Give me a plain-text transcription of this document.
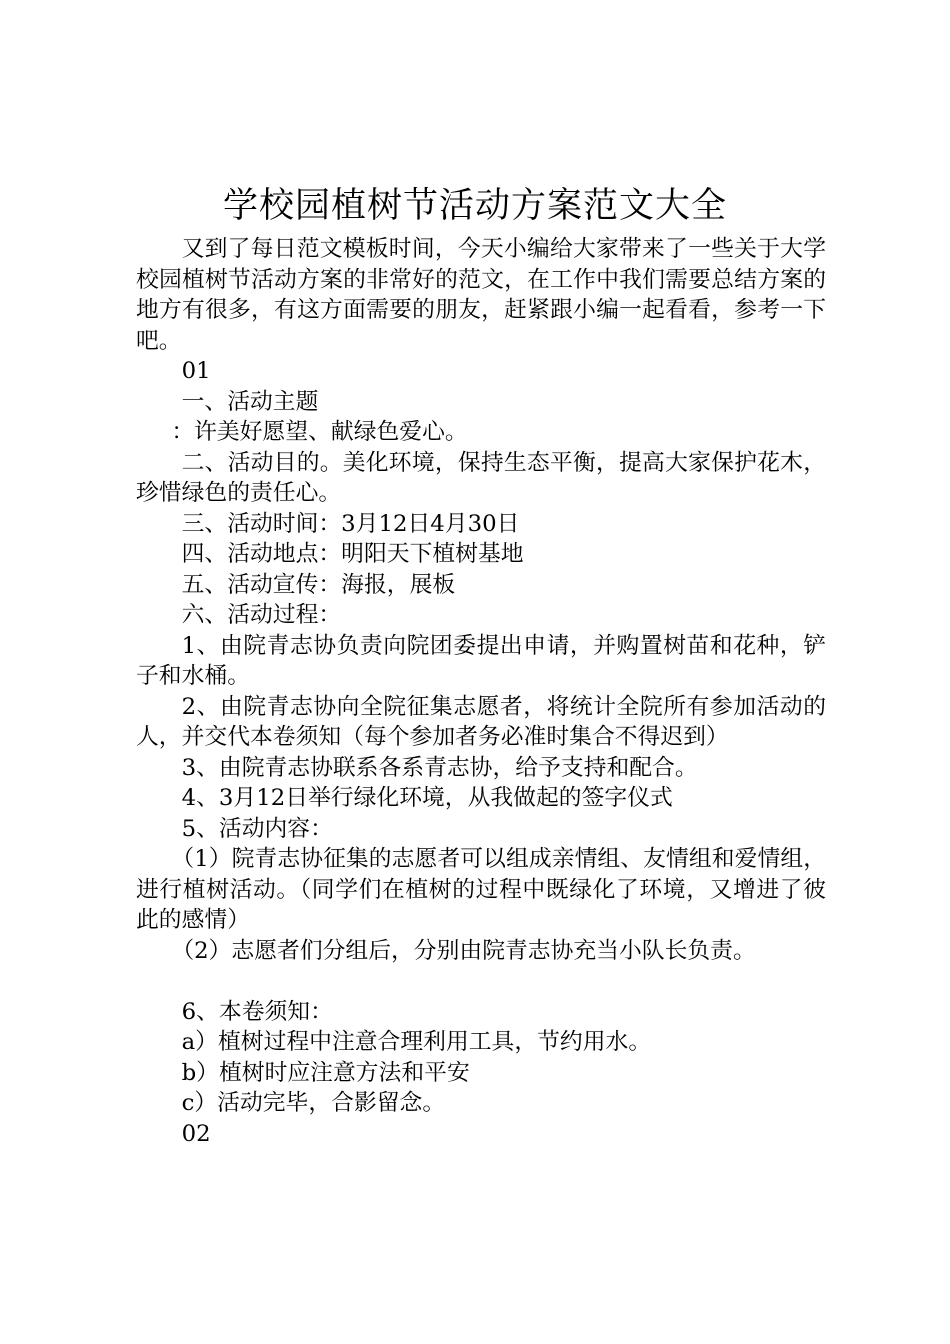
学校园植树节活动方案范文大全

又到了每日范文模板时间，今天小编给大家带来了一些关于大学校园植树节活动方案的非常好的范文，在工作中我们需要总结方案的地方有很多，有这方面需要的朋友，赶紧跟小编一起看看，参考一下吧。

01

一、活动主题

：许美好愿望、献绿色爱心。

二、活动目的。美化环境，保持生态平衡，提高大家保护花木，珍惜绿色的责任心。

三、活动时间：3月12日4月30日

四、活动地点：明阳天下植树基地

五、活动宣传：海报，展板

六、活动过程：

1、由院青志协负责向院团委提出申请，并购置树苗和花种，铲子和水桶。

2、由院青志协向全院征集志愿者，将统计全院所有参加活动的人，并交代本卷须知（每个参加者务必准时集合不得迟到）

3、由院青志协联系各系青志协，给予支持和配合。

4、3月12日举行绿化环境，从我做起的签字仪式

5、活动内容：

（1）院青志协征集的志愿者可以组成亲情组、友情组和爱情组，进行植树活动。（同学们在植树的过程中既绿化了环境，又增进了彼此的感情）

（2）志愿者们分组后，分别由院青志协充当小队长负责。

6、本卷须知：

a）植树过程中注意合理利用工具，节约用水。

b）植树时应注意方法和平安

c）活动完毕，合影留念。

02
